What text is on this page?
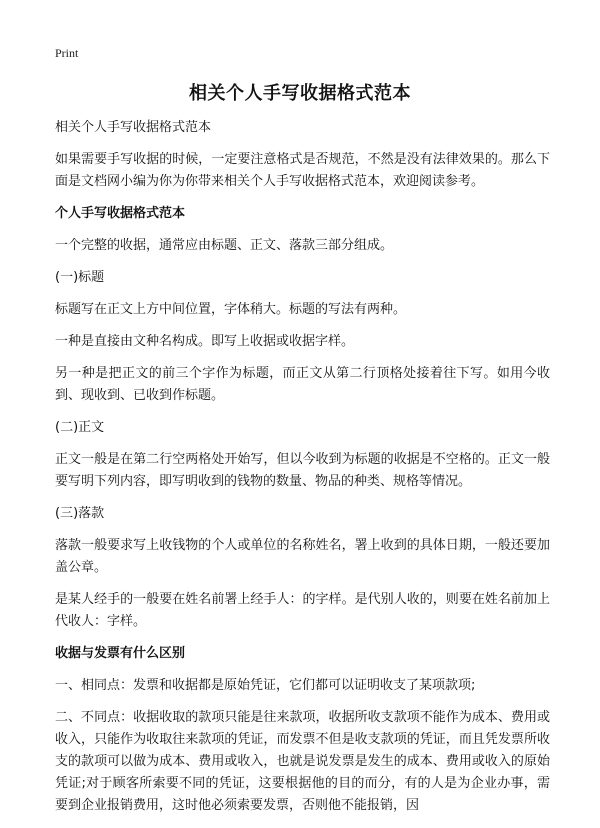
Print
相关个人手写收据格式范本

相关个人手写收据格式范本

如果需要手写收据的时候，一定要注意格式是否规范，不然是没有法律效果的。那么下面是文档网小编为你为你带来相关个人手写收据格式范本，欢迎阅读参考。

个人手写收据格式范本

一个完整的收据，通常应由标题、正文、落款三部分组成。

(一)标题

标题写在正文上方中间位置，字体稍大。标题的写法有两种。

一种是直接由文种名构成。即写上收据或收据字样。

另一种是把正文的前三个字作为标题，而正文从第二行顶格处接着往下写。如用今收到、现收到、已收到作标题。

(二)正文

正文一般是在第二行空两格处开始写，但以今收到为标题的收据是不空格的。正文一般要写明下列内容，即写明收到的钱物的数量、物品的种类、规格等情况。

(三)落款

落款一般要求写上收钱物的个人或单位的名称姓名，署上收到的具体日期，一般还要加盖公章。

是某人经手的一般要在姓名前署上经手人：的字样。是代别人收的，则要在姓名前加上代收人：字样。

收据与发票有什么区别

一、相同点：发票和收据都是原始凭证，它们都可以证明收支了某项款项;

二、不同点：收据收取的款项只能是往来款项，收据所收支款项不能作为成本、费用或收入，只能作为收取往来款项的凭证，而发票不但是收支款项的凭证，而且凭发票所收支的款项可以做为成本、费用或收入，也就是说发票是发生的成本、费用或收入的原始凭证;对于顾客所索要不同的凭证，这要根据他的目的而分，有的人是为企业办事，需要到企业报销费用，这时他必须索要发票，否则他不能报销，因
